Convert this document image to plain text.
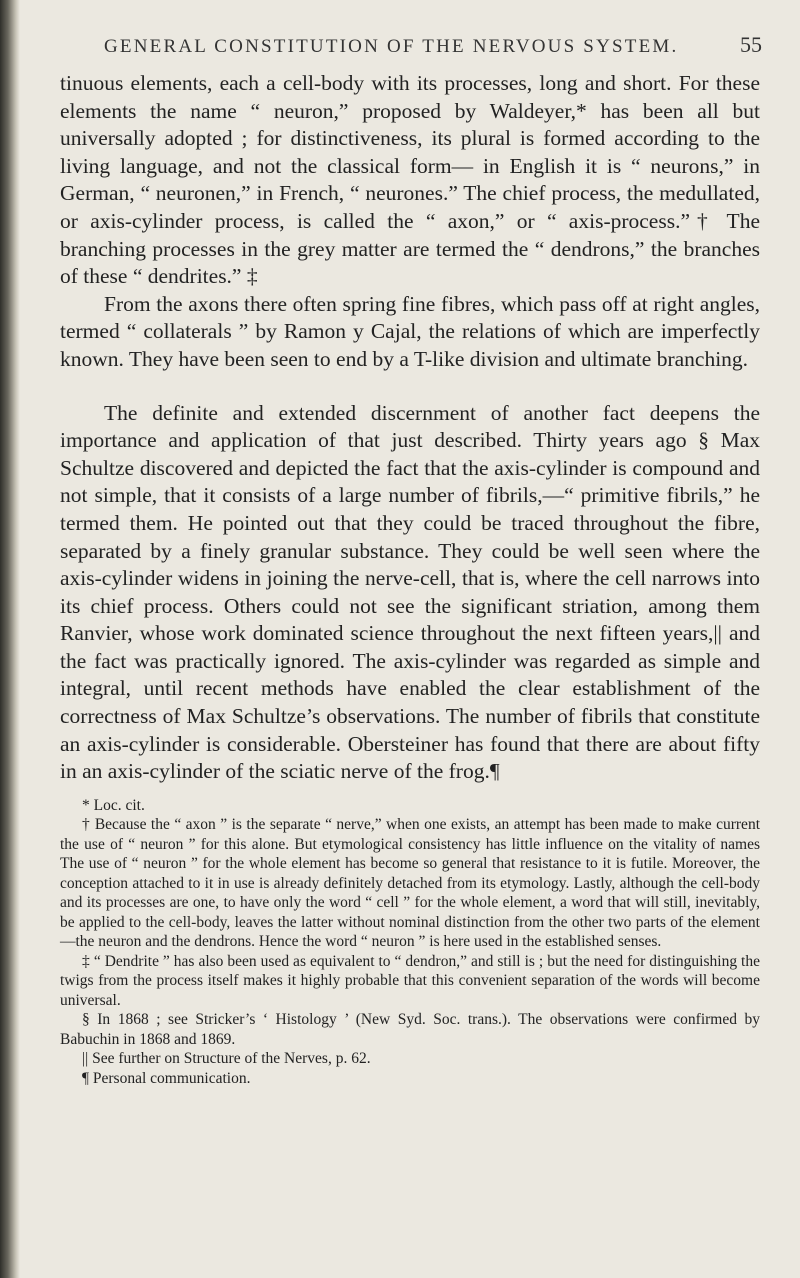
GENERAL CONSTITUTION OF THE NERVOUS SYSTEM.	55

tinuous elements, each a cell-body with its processes, long and short. For these elements the name “ neuron,” proposed by Waldeyer,* has been all but universally adopted ; for distinctiveness, its plural is formed according to the living language, and not the classical form— in English it is “ neurons,” in German, “ neuronen,” in French, “ neurones.” The chief process, the medullated, or axis-cylinder process, is called the “ axon,” or “ axis-process.”† The branching processes in the grey matter are termed the “ dendrons,” the branches of these “ dendrites.” ‡

From the axons there often spring fine fibres, which pass off at right angles, termed “ collaterals ” by Ramon y Cajal, the relations of which are imperfectly known. They have been seen to end by a T-like division and ultimate branching.

The definite and extended discernment of another fact deepens the importance and application of that just described. Thirty years ago § Max Schultze discovered and depicted the fact that the axis-cylinder is compound and not simple, that it consists of a large number of fibrils,—“ primitive fibrils,” he termed them. He pointed out that they could be traced throughout the fibre, separated by a finely granular substance. They could be well seen where the axis-cylinder widens in joining the nerve-cell, that is, where the cell narrows into its chief process. Others could not see the significant striation, among them Ranvier, whose work dominated science throughout the next fifteen years,|| and the fact was practically ignored. The axis-cylinder was regarded as simple and integral, until recent methods have enabled the clear establishment of the correctness of Max Schultze’s observations. The number of fibrils that constitute an axis-cylinder is considerable. Obersteiner has found that there are about fifty in an axis-cylinder of the sciatic nerve of the frog.¶

* Loc. cit.

† Because the “ axon ” is the separate “ nerve,” when one exists, an attempt has been made to make current the use of “ neuron ” for this alone. But etymological consistency has little influence on the vitality of names The use of “ neuron ” for the whole element has become so general that resistance to it is futile. Moreover, the conception attached to it in use is already definitely detached from its etymology. Lastly, although the cell-body and its processes are one, to have only the word “ cell ” for the whole element, a word that will still, inevitably, be applied to the cell-body, leaves the latter without nominal distinction from the other two parts of the element—the neuron and the dendrons. Hence the word “ neuron ” is here used in the established senses.

‡ “ Dendrite ” has also been used as equivalent to “ dendron,” and still is ; but the need for distinguishing the twigs from the process itself makes it highly probable that this convenient separation of the words will become universal.

§ In 1868 ; see Stricker’s ‘ Histology ’ (New Syd. Soc. trans.). The observations were confirmed by Babuchin in 1868 and 1869.

|| See further on Structure of the Nerves, p. 62.

¶ Personal communication.
